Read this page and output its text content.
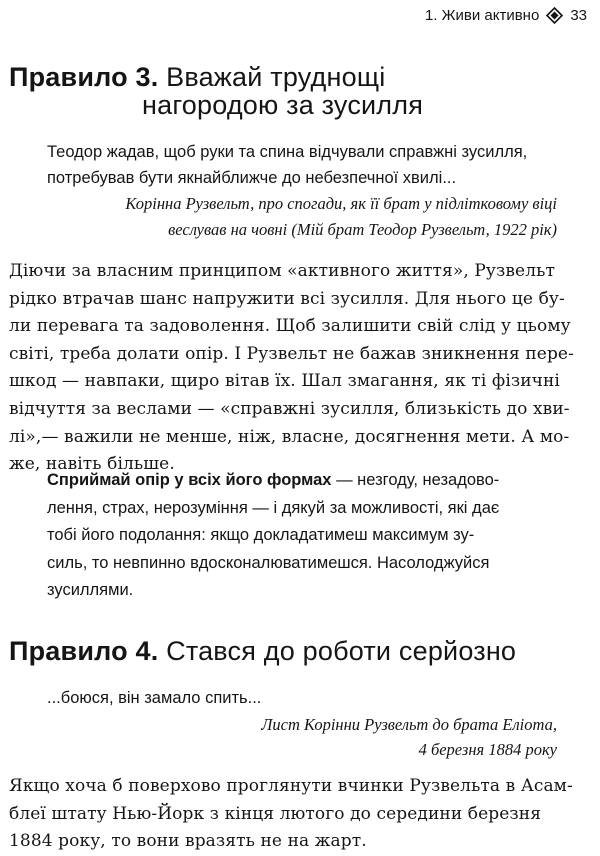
1. Живи активно 33
Правило 3. Вважай труднощі
нагородою за зусилля
Теодор жадав, щоб руки та спина відчували справжні зусилля,
потребував бути якнайближче до небезпечної хвилі...
Корінна Рузвельт, про спогади, як її брат у підлітковому віці
веслував на човні (Мій брат Теодор Рузвельт, 1922 рік)
Діючи за власним принципом «активного життя», Рузвельт
рідко втрачав шанс напружити всі зусилля. Для нього це бу-
ли перевага та задоволення. Щоб залишити свій слід у цьому
світі, треба долати опір. І Рузвельт не бажав зникнення пере-
шкод — навпаки, щиро вітав їх. Шал змагання, як ті фізичні
відчуття за веслами — «справжні зусилля, близькість до хви-
лі»,— важили не менше, ніж, власне, досягнення мети. А мо-
же, навіть більше.
Сприймай опір у всіх його формах — незгоду, незадово-
лення, страх, нерозуміння — і дякуй за можливості, які дає
тобі його подолання: якщо докладатимеш максимум зу-
силь, то невпинно вдосконалюватимешся. Насолоджуйся
зусиллями.
Правило 4. Стався до роботи серйозно
...боюся, він замало спить...
Лист Корінни Рузвельт до брата Еліота,
4 березня 1884 року
Якщо хоча б поверхово проглянути вчинки Рузвельта в Асам-
блеї штату Нью-Йорк з кінця лютого до середини березня
1884 року, то вони вразять не на жарт.
